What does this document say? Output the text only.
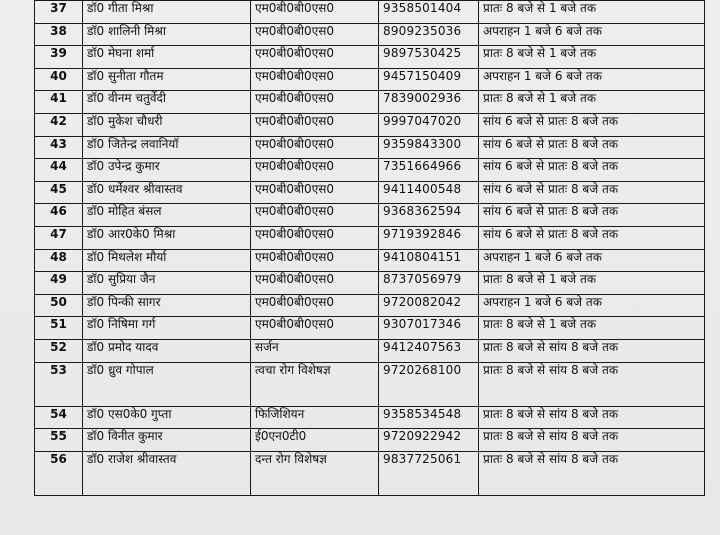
37	डॉ0 गीता मिश्रा	एम0बी0बी0एस0	9358501404	प्रातः 8 बजे से 1 बजे तक
38	डॉ0 शालिनी मिश्रा	एम0बी0बी0एस0	8909235036	अपराहन 1 बजे 6 बजे तक
39	डॉ0 मेघना शर्मा	एम0बी0बी0एस0	9897530425	प्रातः 8 बजे से 1 बजे तक
40	डॉ0 सुनीता गौतम	एम0बी0बी0एस0	9457150409	अपराहन 1 बजे 6 बजे तक
41	डॉ0 वीनम चतुर्वेदी	एम0बी0बी0एस0	7839002936	प्रातः 8 बजे से 1 बजे तक
42	डॉ0 मुकेश चौधरी	एम0बी0बी0एस0	9997047020	सांय 6 बजे से प्रातः 8 बजे तक
43	डॉ0 जितेन्द्र लवानियॉ	एम0बी0बी0एस0	9359843300	सांय 6 बजे से प्रातः 8 बजे तक
44	डॉ0 उपेन्द्र कुमार	एम0बी0बी0एस0	7351664966	सांय 6 बजे से प्रातः 8 बजे तक
45	डॉ0 धर्मेश्वर श्रीवास्तव	एम0बी0बी0एस0	9411400548	सांय 6 बजे से प्रातः 8 बजे तक
46	डॉ0 मोहित बंसल	एम0बी0बी0एस0	9368362594	सांय 6 बजे से प्रातः 8 बजे तक
47	डॉ0 आर0के0 मिश्रा	एम0बी0बी0एस0	9719392846	सांय 6 बजे से प्रातः 8 बजे तक
48	डॉ0 मिथलेश मौर्या	एम0बी0बी0एस0	9410804151	अपराहन 1 बजे 6 बजे तक
49	डॉ0 सुप्रिया जैन	एम0बी0बी0एस0	8737056979	प्रातः 8 बजे से 1 बजे तक
50	डॉ0 पिन्की सागर	एम0बी0बी0एस0	9720082042	अपराहन 1 बजे 6 बजे तक
51	डॉ0 निषिमा गर्ग	एम0बी0बी0एस0	9307017346	प्रातः 8 बजे से 1 बजे तक
52	डॉ0 प्रमोद यादव	सर्जन	9412407563	प्रातः 8 बजे से सांय 8 बजे तक
53	डॉ0 ध्रुव गोपाल	त्वचा रोग विशेषज्ञ	9720268100	प्रातः 8 बजे से सांय 8 बजे तक
54	डॉ0 एस0के0 गुप्ता	फिजिशियन	9358534548	प्रातः 8 बजे से सांय 8 बजे तक
55	डॉ0 विनीत कुमार	ई0एन0टी0	9720922942	प्रातः 8 बजे से सांय 8 बजे तक
56	डॉ0 राजेश श्रीवास्तव	दन्त रोग विशेषज्ञ	9837725061	प्रातः 8 बजे से सांय 8 बजे तक
